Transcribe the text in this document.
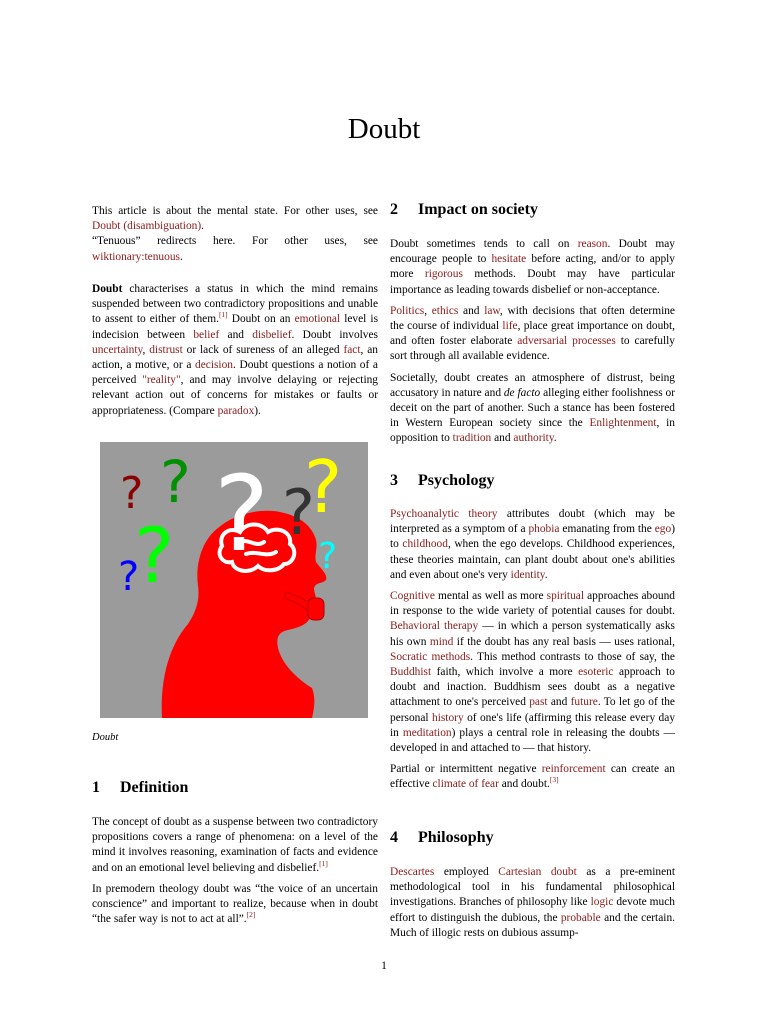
Doubt

This article is about the mental state. For other uses, see Doubt (disambiguation).
“Tenuous” redirects here. For other uses, see wiktionary:tenuous.

Doubt characterises a status in which the mind remains suspended between two contradictory propositions and unable to assent to either of them.[1] Doubt on an emotional level is indecision between belief and disbelief. Doubt involves uncertainty, distrust or lack of sureness of an alleged fact, an action, a motive, or a decision. Doubt questions a notion of a perceived "reality", and may involve delaying or rejecting relevant action out of concerns for mistakes or faults or appropriateness. (Compare paradox).

?
? ? ?
?
?	?
?
Doubt
1 Definition

The concept of doubt as a suspense between two contradictory propositions covers a range of phenomena: on a level of the mind it involves reasoning, examination of facts and evidence and on an emotional level believing and disbelief.[1]

In premodern theology doubt was “the voice of an uncertain conscience” and important to realize, because when in doubt “the safer way is not to act at all”.[2]

2 Impact on society

Doubt sometimes tends to call on reason. Doubt may encourage people to hesitate before acting, and/or to apply more rigorous methods. Doubt may have particular importance as leading towards disbelief or non-acceptance.

Politics, ethics and law, with decisions that often determine the course of individual life, place great importance on doubt, and often foster elaborate adversarial processes to carefully sort through all available evidence.

Societally, doubt creates an atmosphere of distrust, being accusatory in nature and de facto alleging either foolishness or deceit on the part of another. Such a stance has been fostered in Western European society since the Enlightenment, in opposition to tradition and authority.

3 Psychology

Psychoanalytic theory attributes doubt (which may be interpreted as a symptom of a phobia emanating from the ego) to childhood, when the ego develops. Childhood experiences, these theories maintain, can plant doubt about one's abilities and even about one's very identity.

Cognitive mental as well as more spiritual approaches abound in response to the wide variety of potential causes for doubt. Behavioral therapy — in which a person systematically asks his own mind if the doubt has any real basis — uses rational, Socratic methods. This method contrasts to those of say, the Buddhist faith, which involve a more esoteric approach to doubt and inaction. Buddhism sees doubt as a negative attachment to one's perceived past and future. To let go of the personal history of one's life (affirming this release every day in meditation) plays a central role in releasing the doubts — developed in and attached to — that history.

Partial or intermittent negative reinforcement can create an effective climate of fear and doubt.[3]

4 Philosophy

Descartes employed Cartesian doubt as a pre-eminent methodological tool in his fundamental philosophical investigations. Branches of philosophy like logic devote much effort to distinguish the dubious, the probable and the certain. Much of illogic rests on dubious assump-

1
